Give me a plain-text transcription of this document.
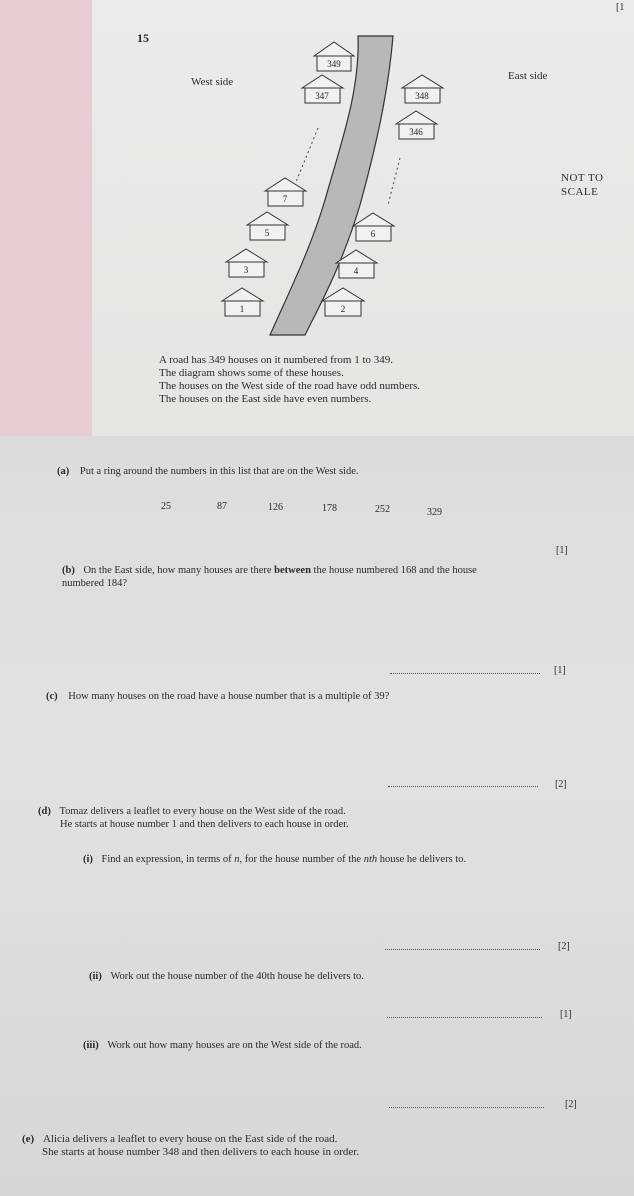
[1
15
349
347	348
346
7
5	6
3	4
1	2
West side	East side
NOT TO
SCALE
A road has 349 houses on it numbered from 1 to 349.
The diagram shows some of these houses.
The houses on the West side of the road have odd numbers.
The houses on the East side have even numbers.
(a) Put a ring around the numbers in this list that are on the West side.
25	87	126	178	252	329
[1]
(b) On the East side, how many houses are there between the house numbered 168 and the house
numbered 184?
[1]
(c) How many houses on the road have a house number that is a multiple of 39?
[2]
(d) Tomaz delivers a leaflet to every house on the West side of the road.
He starts at house number 1 and then delivers to each house in order.
(i) Find an expression, in terms of n, for the house number of the nth house he delivers to.
[2]
(ii) Work out the house number of the 40th house he delivers to.
[1]
(iii) Work out how many houses are on the West side of the road.
[2]
(e) Alicia delivers a leaflet to every house on the East side of the road.
She starts at house number 348 and then delivers to each house in order.
